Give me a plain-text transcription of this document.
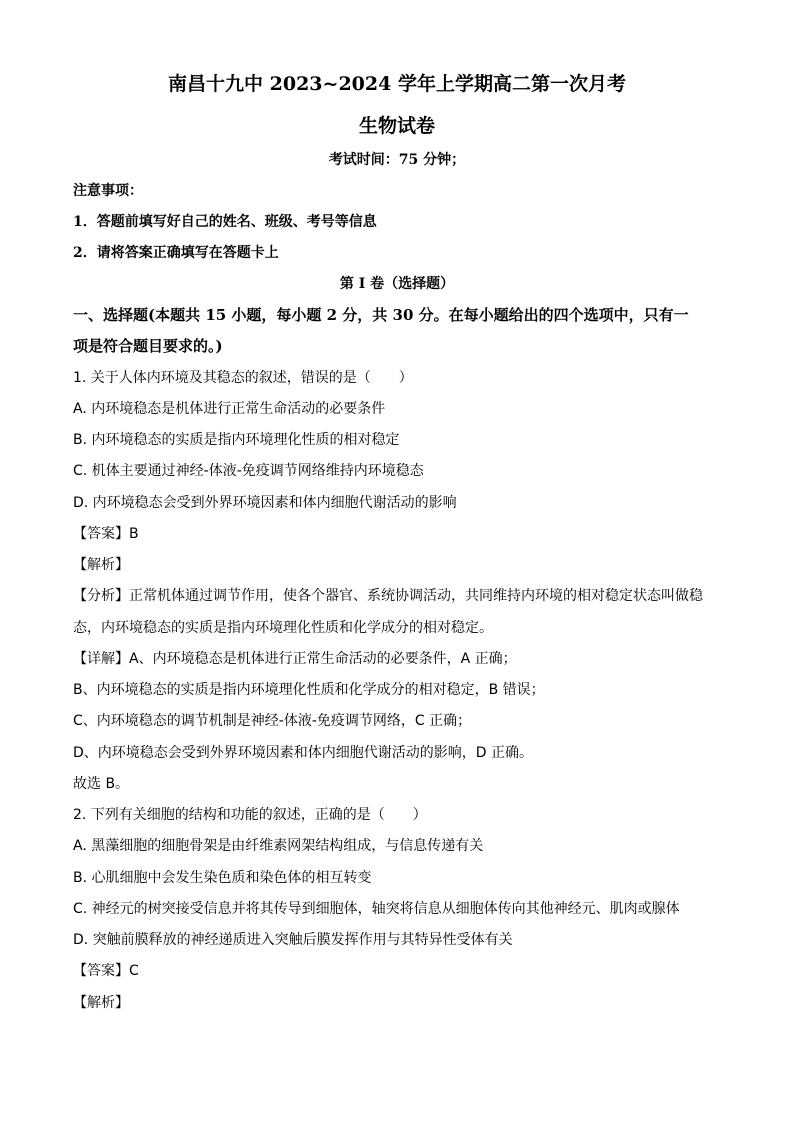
南昌十九中 2023~2024 学年上学期高二第一次月考
生物试卷
考试时间：75 分钟；
注意事项：
1．答题前填写好自己的姓名、班级、考号等信息
2．请将答案正确填写在答题卡上
第 I 卷（选择题）
一、选择题(本题共 15 小题，每小题 2 分，共 30 分。在每小题给出的四个选项中，只有一
项是符合题目要求的。)
1. 关于人体内环境及其稳态的叙述，错误的是（　　）
A. 内环境稳态是机体进行正常生命活动的必要条件
B. 内环境稳态的实质是指内环境理化性质的相对稳定
C. 机体主要通过神经-体液-免疫调节网络维持内环境稳态
D. 内环境稳态会受到外界环境因素和体内细胞代谢活动的影响
【答案】B
【解析】
【分析】正常机体通过调节作用，使各个器官、系统协调活动，共同维持内环境的相对稳定状态叫做稳
态，内环境稳态的实质是指内环境理化性质和化学成分的相对稳定。
【详解】A、内环境稳态是机体进行正常生命活动的必要条件，A 正确；
B、内环境稳态的实质是指内环境理化性质和化学成分的相对稳定，B 错误；
C、内环境稳态的调节机制是神经-体液-免疫调节网络，C 正确；
D、内环境稳态会受到外界环境因素和体内细胞代谢活动的影响，D 正确。
故选 B。
2. 下列有关细胞的结构和功能的叙述，正确的是（　　）
A. 黑藻细胞的细胞骨架是由纤维素网架结构组成，与信息传递有关
B. 心肌细胞中会发生染色质和染色体的相互转变
C. 神经元的树突接受信息并将其传导到细胞体，轴突将信息从细胞体传向其他神经元、肌肉或腺体
D. 突触前膜释放的神经递质进入突触后膜发挥作用与其特异性受体有关
【答案】C
【解析】
